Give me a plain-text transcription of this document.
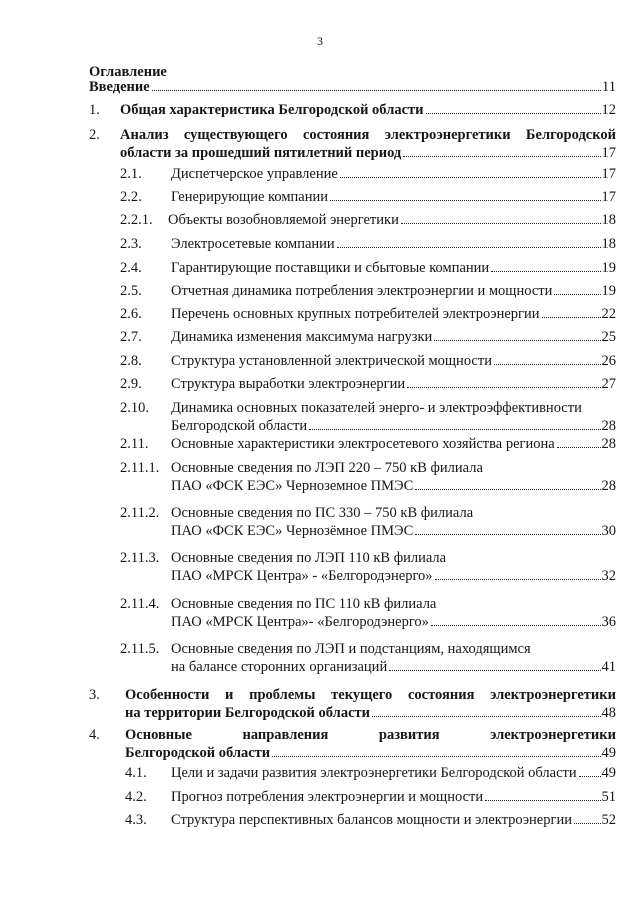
3
Оглавление
Введение	11
1.	Общая характеристика Белгородской области	12
2.	Анализ существующего состояния электроэнергетики Белгородской
области за прошедший пятилетний период	17
2.1.	Диспетчерское управление	17
2.2.	Генерирующие компании	17
2.2.1.	Объекты возобновляемой энергетики	18
2.3.	Электросетевые компании	18
2.4.	Гарантирующие поставщики и сбытовые компании	19
2.5.	Отчетная динамика потребления электроэнергии и мощности	19
2.6.	Перечень основных крупных потребителей электроэнергии	22
2.7.	Динамика изменения максимума нагрузки	25
2.8.	Структура установленной электрической мощности	26
2.9.	Структура выработки электроэнергии	27
2.10.	Динамика основных показателей энерго- и электроэффективности
Белгородской области	28
2.11.	Основные характеристики электросетевого хозяйства региона	28
2.11.1. Основные сведения по ЛЭП 220 – 750 кВ филиала
ПАО «ФСК ЕЭС» Черноземное ПМЭС	28
2.11.2. Основные сведения по ПС 330 – 750 кВ филиала
ПАО «ФСК ЕЭС» Чернозёмное ПМЭС	30
2.11.3. Основные сведения по ЛЭП 110 кВ филиала
ПАО «МРСК Центра» - «Белгородэнерго»	32
2.11.4. Основные сведения по ПС 110 кВ филиала
ПАО «МРСК Центра»- «Белгородэнерго»	36
2.11.5. Основные сведения по ЛЭП и подстанциям, находящимся
на балансе сторонних организаций	41
3.	Особенности и проблемы текущего состояния электроэнергетики
на территории Белгородской области	48
4.	Основные	направления	развития	электроэнергетики
Белгородской области	49
4.1.	Цели и задачи развития электроэнергетики Белгородской области 49
4.2.	Прогноз потребления электроэнергии и мощности	51
4.3.	Структура перспективных балансов мощности и электроэнергии 52
